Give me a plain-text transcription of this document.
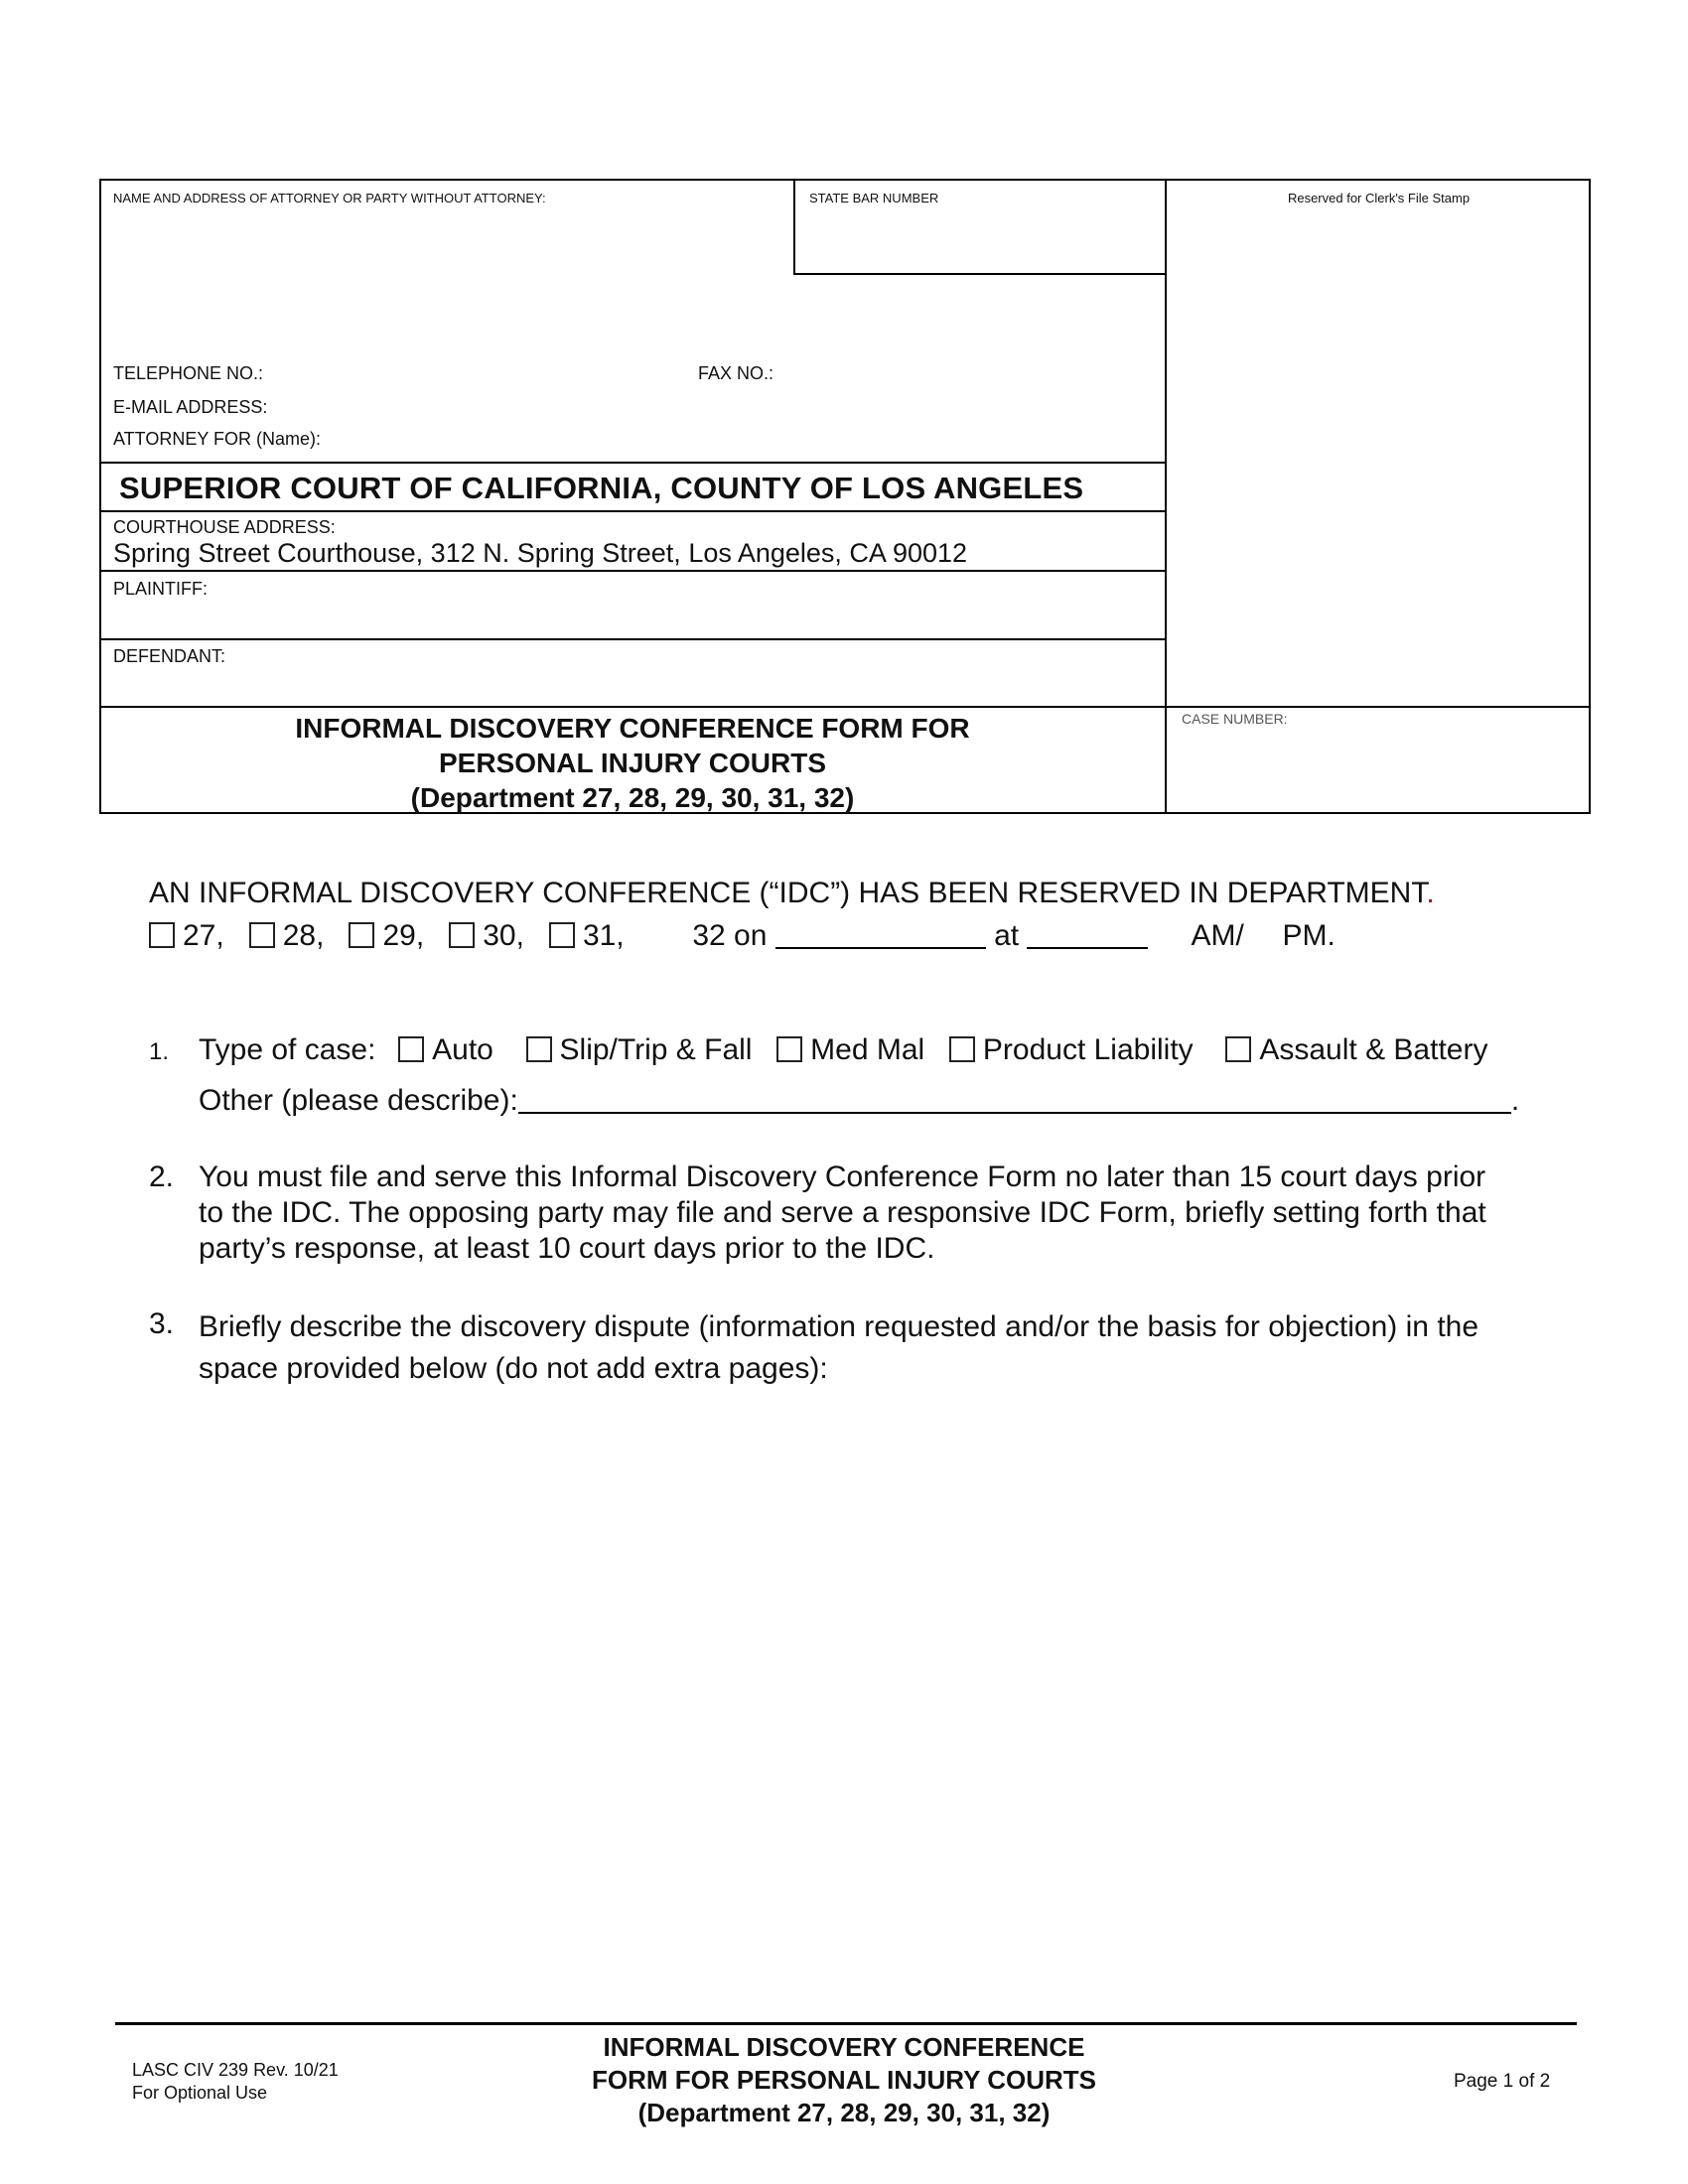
NAME AND ADDRESS OF ATTORNEY OR PARTY WITHOUT ATTORNEY:	STATE BAR NUMBER	Reserved for Clerk's File Stamp
TELEPHONE NO.:	FAX NO.:
E-MAIL ADDRESS:
ATTORNEY FOR (Name):
SUPERIOR COURT OF CALIFORNIA, COUNTY OF LOS ANGELES
COURTHOUSE ADDRESS:
Spring Street Courthouse, 312 N. Spring Street, Los Angeles, CA 90012
PLAINTIFF:
DEFENDANT:
INFORMAL DISCOVERY CONFERENCE FORM FOR
PERSONAL INJURY COURTS
(Department 27, 28, 29, 30, 31, 32)
CASE NUMBER:
AN INFORMAL DISCOVERY CONFERENCE (“IDC”) HAS BEEN RESERVED IN DEPARTMENT.
27, 28, 29, 30, 31, 32 on	at	AM/ PM.
1. Type of case: Auto Slip/Trip & Fall Med Mal Product Liability Assault & Battery
Other (please describe):	.
2. You must file and serve this Informal Discovery Conference Form no later than 15 court days prior
to the IDC. The opposing party may file and serve a responsive IDC Form, briefly setting forth that
party’s response, at least 10 court days prior to the IDC.
3. Briefly describe the discovery dispute (information requested and/or the basis for objection) in the
space provided below (do not add extra pages):
LASC CIV 239 Rev. 10/21
For Optional Use
INFORMAL DISCOVERY CONFERENCE
FORM FOR PERSONAL INJURY COURTS
(Department 27, 28, 29, 30, 31, 32)
Page 1 of 2
